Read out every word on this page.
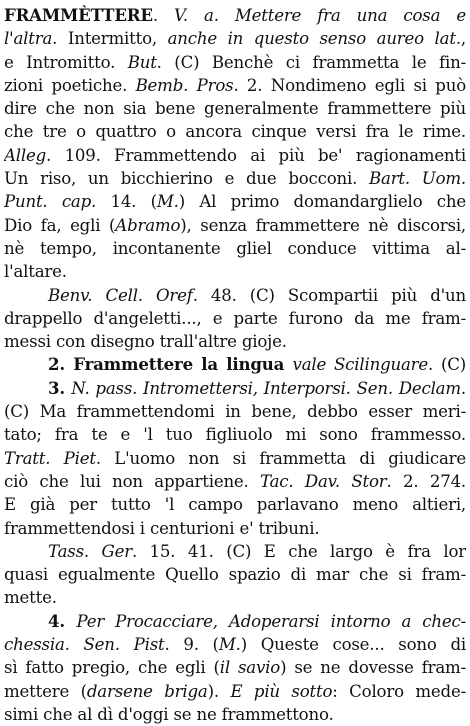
FRAMMÈTTERE. V. a. Mettere fra una cosa e
l'altra. Intermitto, anche in questo senso aureo lat.,
e Intromitto. But. (C) Benchè ci frammetta le fin-
zioni poetiche. Bemb. Pros. 2. Nondimeno egli si può
dire che non sia bene generalmente frammettere più
che tre o quattro o ancora cinque versi fra le rime.
Alleg. 109. Frammettendo ai più be' ragionamenti
Un riso, un bicchierino e due bocconi. Bart. Uom.
Punt. cap. 14. (M.) Al primo domandarglielo che
Dio fa, egli (Abramo), senza frammettere nè discorsi,
nè tempo, incontanente gliel conduce vittima al-
l'altare.
Benv. Cell. Oref. 48. (C) Scompartii più d'un
drappello d'angeletti..., e parte furono da me fram-
messi con disegno trall'altre gioje.
2. Frammettere la lingua vale Scilinguare. (C)
3. N. pass. Intromettersi, Interporsi. Sen. Declam.
(C) Ma frammettendomi in bene, debbo esser meri-
tato; fra te e 'l tuo figliuolo mi sono frammesso.
Tratt. Piet. L'uomo non si frammetta di giudicare
ciò che lui non appartiene. Tac. Dav. Stor. 2. 274.
E già per tutto 'l campo parlavano meno altieri,
frammettendosi i centurioni e' tribuni.
Tass. Ger. 15. 41. (C) E che largo è fra lor
quasi egualmente Quello spazio di mar che si fram-
mette.
4. Per Procacciare, Adoperarsi intorno a chec-
chessia. Sen. Pist. 9. (M.) Queste cose... sono di
sì fatto pregio, che egli (il savio) se ne dovesse fram-
mettere (darsene briga). E più sotto: Coloro mede-
simi che al dì d'oggi se ne frammettono.
